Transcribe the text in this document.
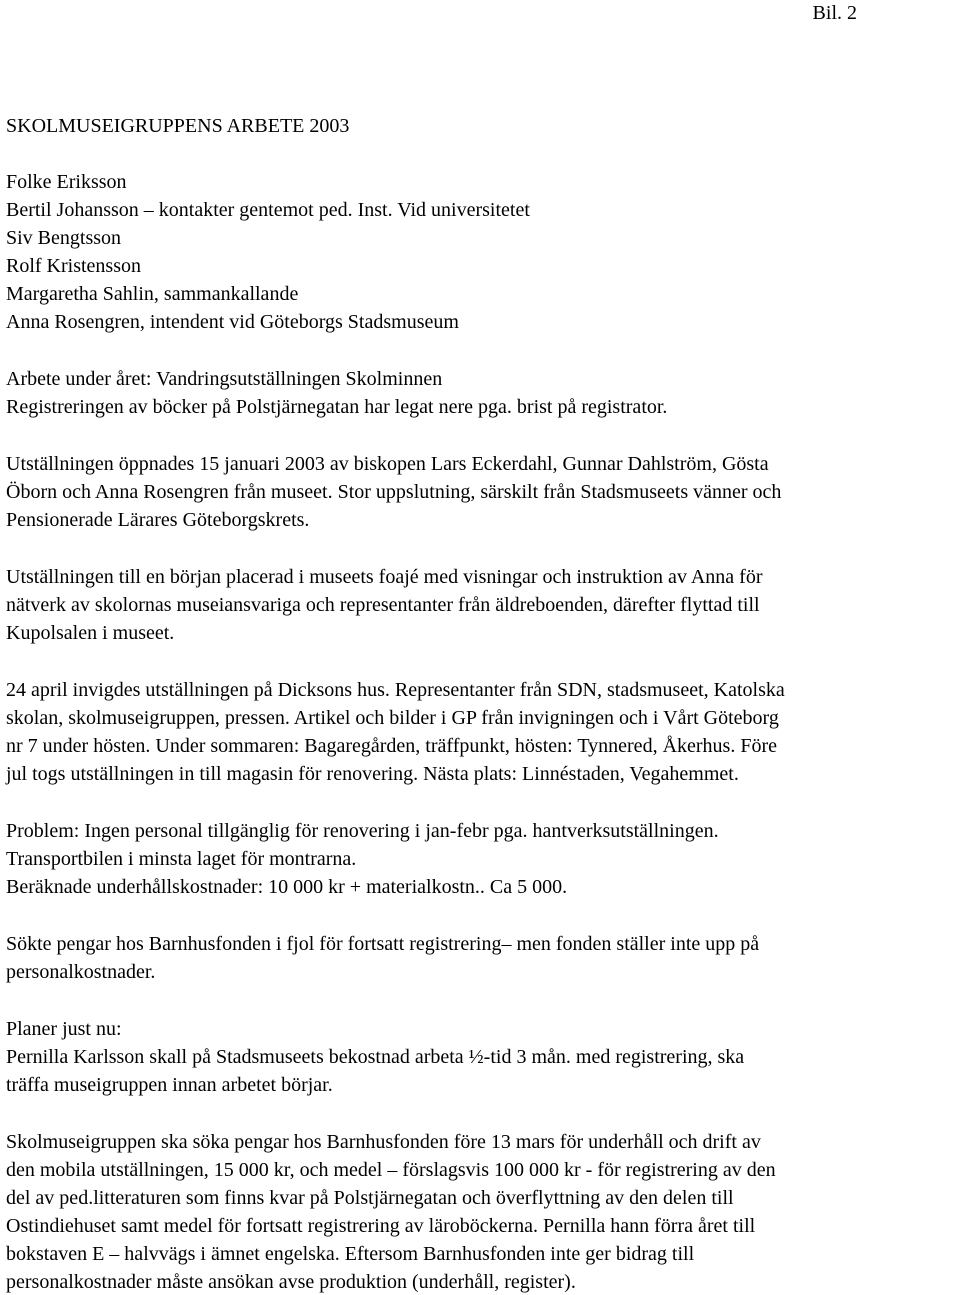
Bil. 2
SKOLMUSEIGRUPPENS ARBETE 2003
Folke Eriksson
Bertil Johansson – kontakter gentemot ped. Inst. Vid universitetet
Siv Bengtsson
Rolf Kristensson
Margaretha Sahlin, sammankallande
Anna Rosengren, intendent vid Göteborgs Stadsmuseum
Arbete under året: Vandringsutställningen Skolminnen
Registreringen av böcker på Polstjärnegatan har legat nere pga. brist på registrator.
Utställningen öppnades 15 januari 2003 av biskopen Lars Eckerdahl, Gunnar Dahlström, Gösta
Öborn och Anna Rosengren från museet. Stor uppslutning, särskilt från Stadsmuseets vänner och
Pensionerade Lärares Göteborgskrets.
Utställningen till en början placerad i museets foajé med visningar och instruktion av Anna för
nätverk av skolornas museiansvariga och representanter från äldreboenden, därefter flyttad till
Kupolsalen i museet.
24 april invigdes utställningen på Dicksons hus. Representanter från SDN, stadsmuseet, Katolska
skolan, skolmuseigruppen, pressen. Artikel och bilder i GP från invigningen och i Vårt Göteborg
nr 7 under hösten. Under sommaren: Bagaregården, träffpunkt, hösten: Tynnered, Åkerhus. Före
jul togs utställningen in till magasin för renovering. Nästa plats: Linnéstaden, Vegahemmet.
Problem: Ingen personal tillgänglig för renovering i jan-febr pga. hantverksutställningen.
Transportbilen i minsta laget för montrarna.
Beräknade underhållskostnader: 10 000 kr + materialkostn.. Ca 5 000.
Sökte pengar hos Barnhusfonden i fjol för fortsatt registrering– men fonden ställer inte upp på
personalkostnader.
Planer just nu:
Pernilla Karlsson skall på Stadsmuseets bekostnad arbeta ½-tid 3 mån. med registrering, ska
träffa museigruppen innan arbetet börjar.
Skolmuseigruppen ska söka pengar hos Barnhusfonden före 13 mars för underhåll och drift av
den mobila utställningen, 15 000 kr, och medel – förslagsvis 100 000 kr - för registrering av den
del av ped.litteraturen som finns kvar på Polstjärnegatan och överflyttning av den delen till
Ostindiehuset samt medel för fortsatt registrering av läroböckerna. Pernilla hann förra året till
bokstaven E – halvvägs i ämnet engelska. Eftersom Barnhusfonden inte ger bidrag till
personalkostnader måste ansökan avse produktion (underhåll, register).
